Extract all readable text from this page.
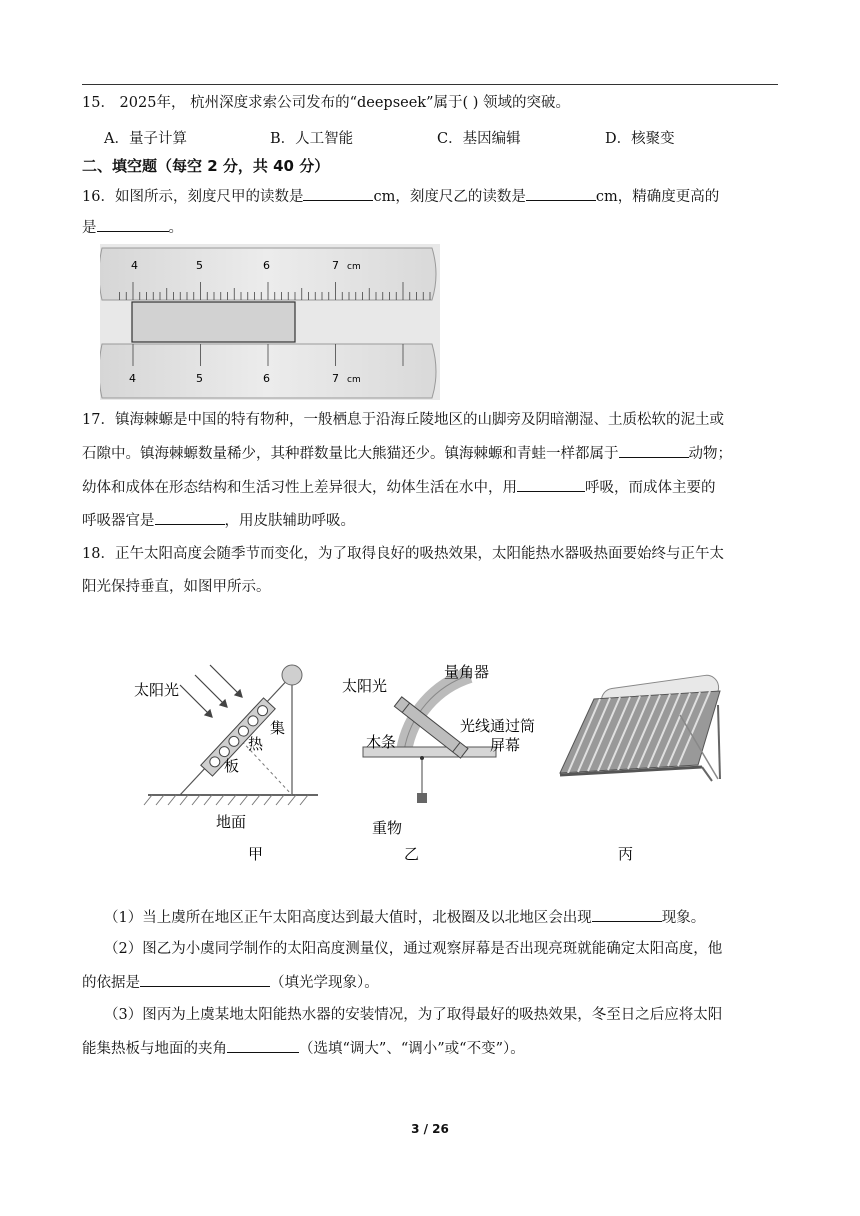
15． 2025年， 杭州深度求索公司发布的“deepseek”属于( ) 领域的突破。
A．量子计算	B．人工智能	C．基因编辑	D．核聚变
二、填空题（每空 2 分，共 40 分）
16．如图所示，刻度尺甲的读数是	cm，刻度尺乙的读数是	cm，精确度更高的
是	。
4	5	6	7 cm
4	5	6	7 cm
17．镇海棘螈是中国的特有物种，一般栖息于沿海丘陵地区的山脚旁及阴暗潮湿、土质松软的泥土或
石隙中。镇海棘螈数量稀少，其种群数量比大熊猫还少。镇海棘螈和青蛙一样都属于	动物；
幼体和成体在形态结构和生活习性上差异很大，幼体生活在水中，用	呼吸，而成体主要的
呼吸器官是	，用皮肤辅助呼吸。
18．正午太阳高度会随季节而变化，为了取得良好的吸热效果，太阳能热水器吸热面要始终与正午太
阳光保持垂直，如图甲所示。
太阳光
集
热
板
地面
甲
太阳光
量角器
光线通过筒
木条	屏幕
重物
乙	丙
（1）当上虞所在地区正午太阳高度达到最大值时，北极圈及以北地区会出现	现象。
（2）图乙为小虞同学制作的太阳高度测量仪，通过观察屏幕是否出现亮斑就能确定太阳高度，他
的依据是	（填光学现象）。
（3）图丙为上虞某地太阳能热水器的安装情况，为了取得最好的吸热效果，冬至日之后应将太阳
能集热板与地面的夹角	（选填“调大”、“调小”或“不变”）。
3 / 26
